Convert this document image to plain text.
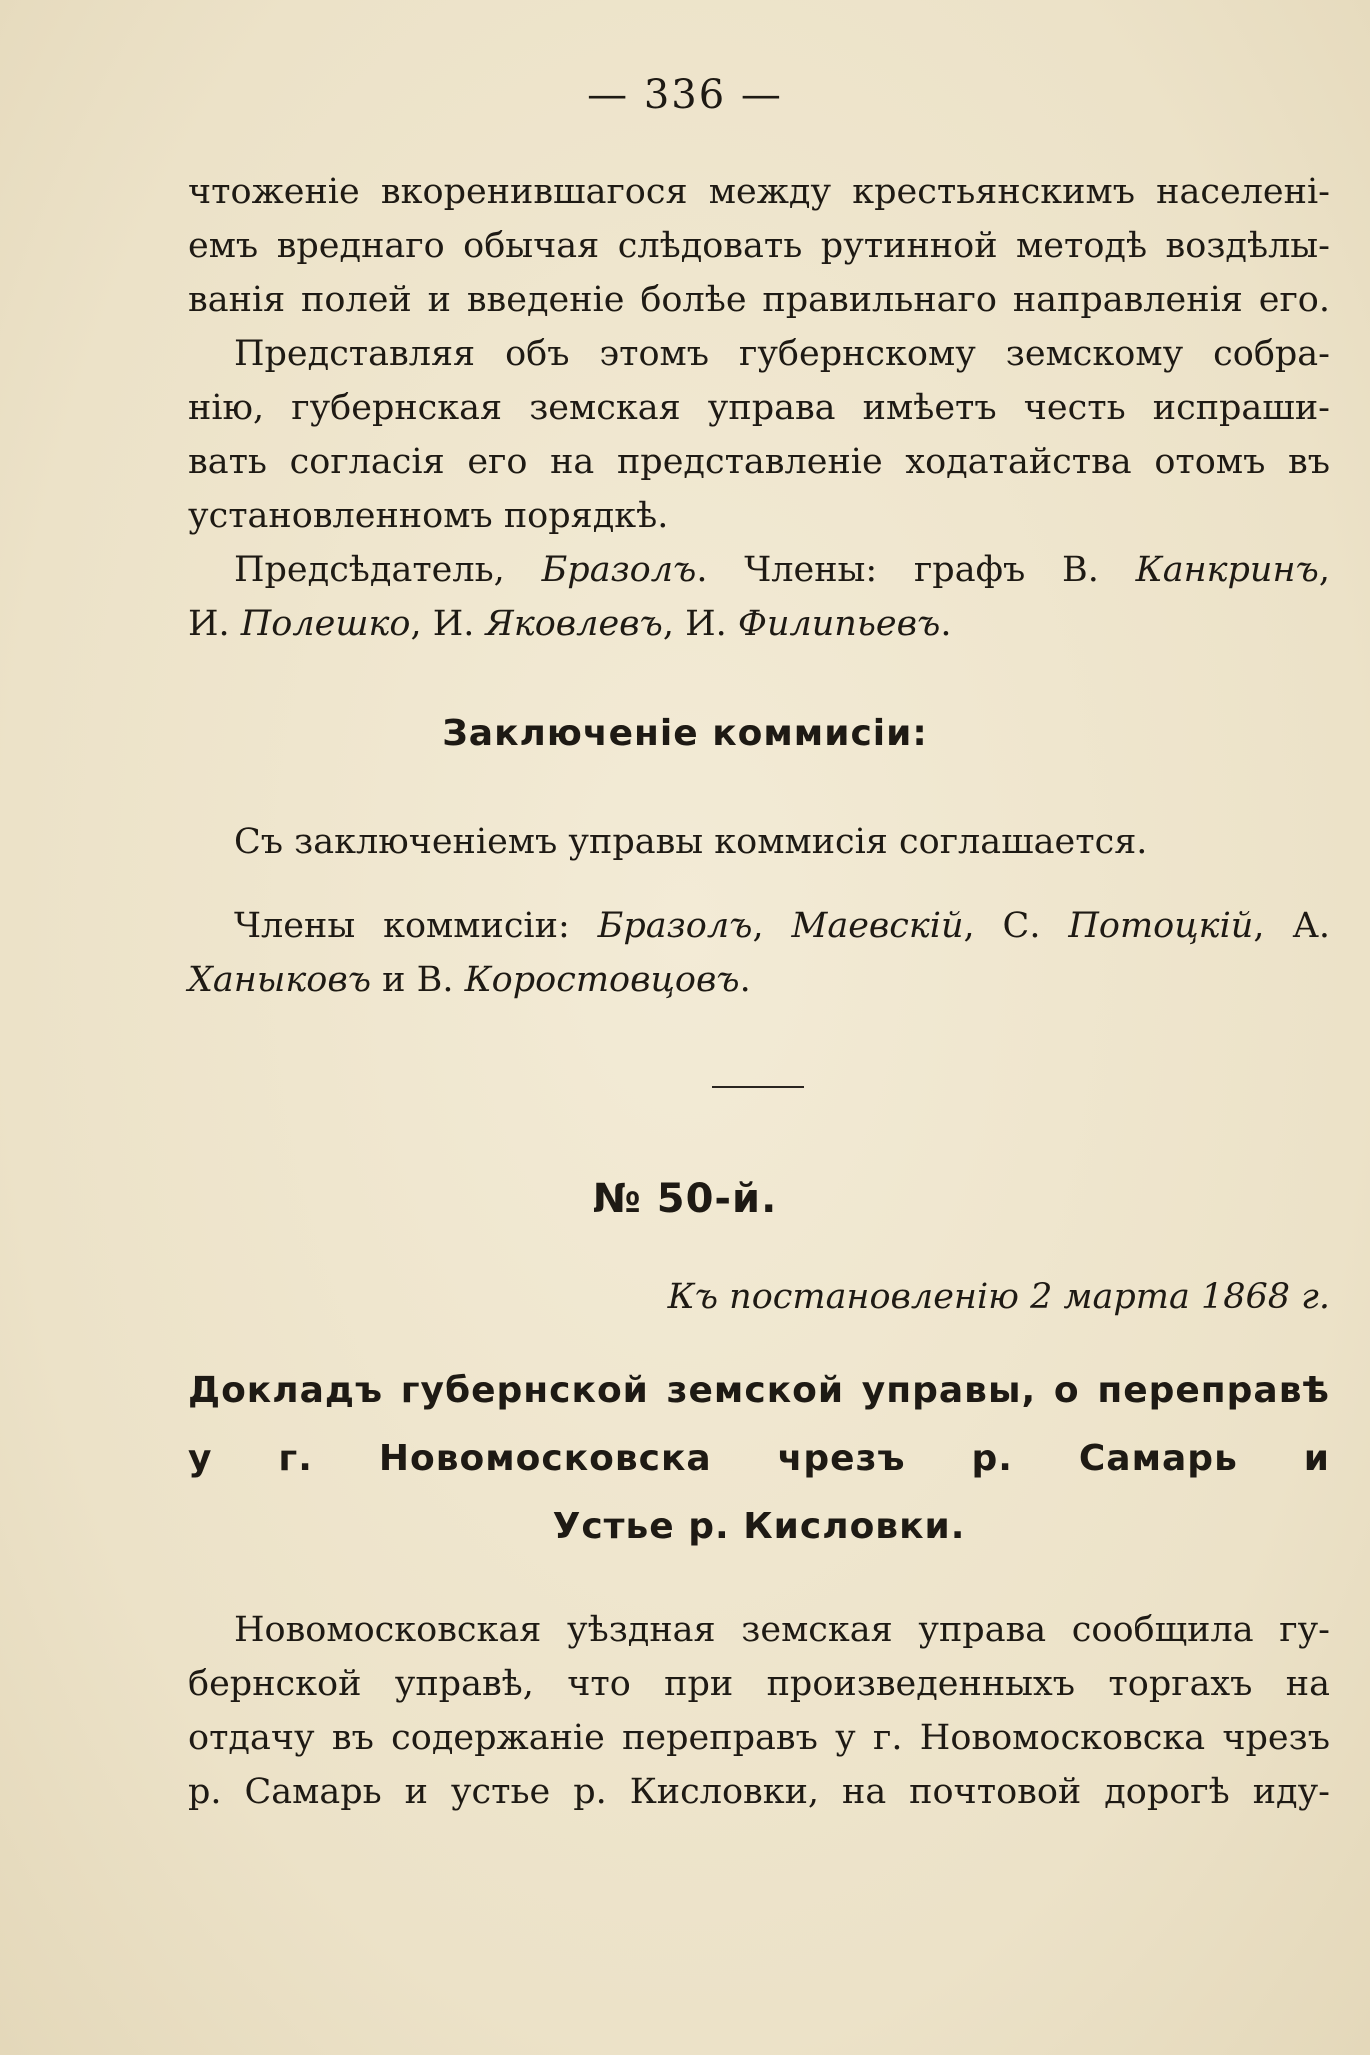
— 336 —
чтоженіе вкоренившагося между крестьянскимъ населені-
емъ вреднаго обычая слѣдовать рутинной методѣ воздѣлы-
ванія полей и введеніе болѣе правильнаго направленія его.
Представляя объ этомъ губернскому земскому собра-
нію, губернская земская управа имѣетъ честь испраши-
вать согласія его на представленіе ходатайства отомъ въ
установленномъ порядкѣ.
Предсѣдатель, Бразолъ. Члены: графъ В. Канкринъ,
И. Полешко, И. Яковлевъ, И. Филипьевъ.
Заключеніе коммисіи:
Съ заключеніемъ управы коммисія соглашается.
Члены коммисіи: Бразолъ, Маевскій, С. Потоцкій, А.
Ханыковъ и В. Коростовцовъ.
№ 50-й.
Къ постановленію 2 марта 1868 г.
Докладъ губернской земской управы, о переправѣ
у г. Новомосковска чрезъ р. Самарь и
Устье р. Кисловки.
Новомосковская уѣздная земская управа сообщила гу-
бернской управѣ, что при произведенныхъ торгахъ на
отдачу въ содержаніе переправъ у г. Новомосковска чрезъ
р. Самарь и устье р. Кисловки, на почтовой дорогѣ иду-
